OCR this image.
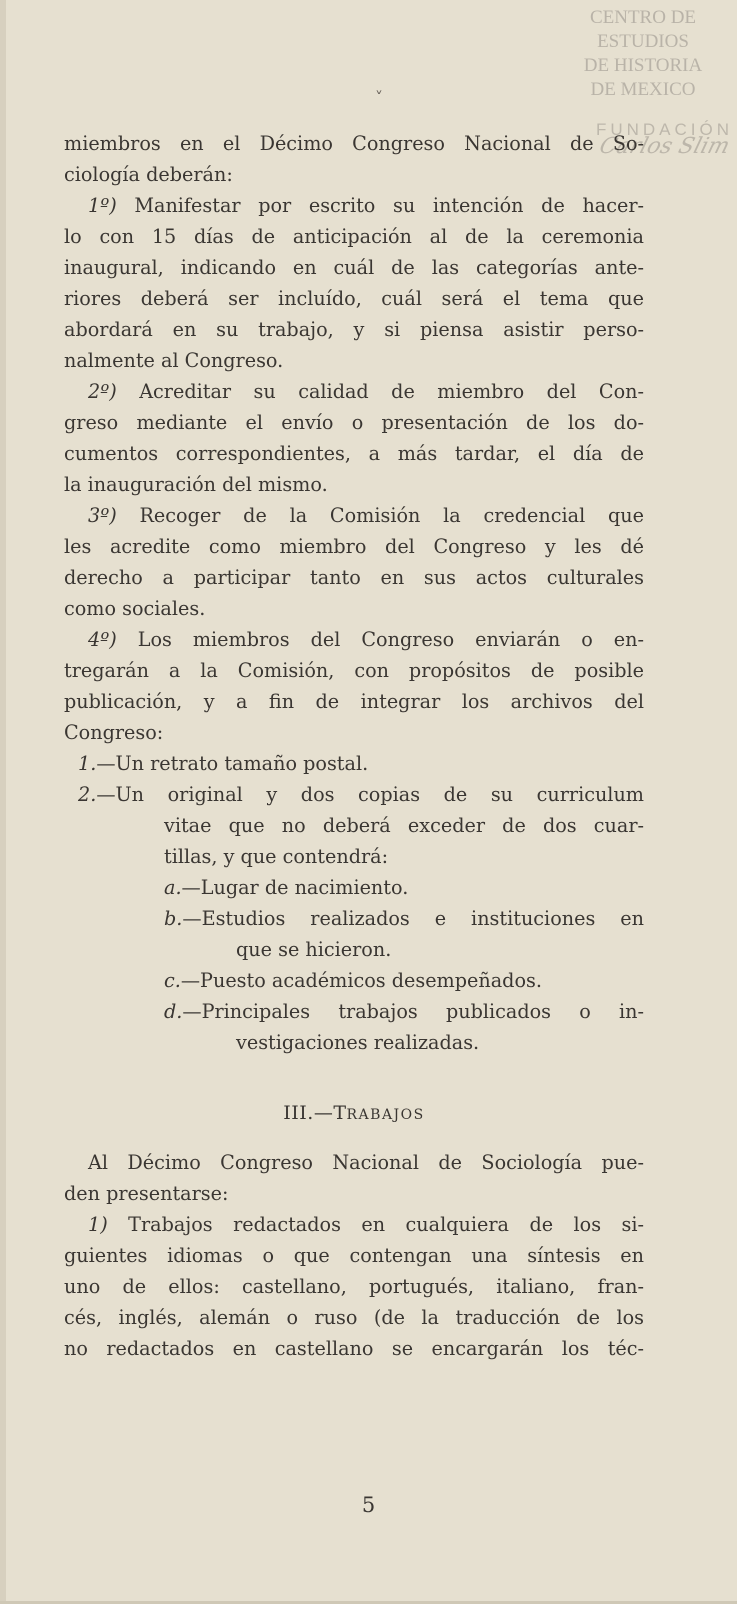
CENTRO DE
ESTUDIOS
DE HISTORIA
DE MEXICO
FUNDACIÓN
Carlos Slim
˅
miembros en el Décimo Congreso Nacional de So-
ciología deberán:
1º) Manifestar por escrito su intención de hacer-
lo con 15 días de anticipación al de la ceremonia
inaugural, indicando en cuál de las categorías ante-
riores deberá ser incluído, cuál será el tema que
abordará en su trabajo, y si piensa asistir perso-
nalmente al Congreso.
2º) Acreditar su calidad de miembro del Con-
greso mediante el envío o presentación de los do-
cumentos correspondientes, a más tardar, el día de
la inauguración del mismo.
3º) Recoger de la Comisión la credencial que
les acredite como miembro del Congreso y les dé
derecho a participar tanto en sus actos culturales
como sociales.
4º) Los miembros del Congreso enviarán o en-
tregarán a la Comisión, con propósitos de posible
publicación, y a fin de integrar los archivos del
Congreso:
1.—Un retrato tamaño postal.
2.—Un original y dos copias de su curriculum
vitae que no deberá exceder de dos cuar-
tillas, y que contendrá:
a.—Lugar de nacimiento.
b.—Estudios realizados e instituciones en
que se hicieron.
c.—Puesto académicos desempeñados.
d.—Principales trabajos publicados o in-
vestigaciones realizadas.
III.—TRABAJOS
Al Décimo Congreso Nacional de Sociología pue-
den presentarse:
1) Trabajos redactados en cualquiera de los si-
guientes idiomas o que contengan una síntesis en
uno de ellos: castellano, portugués, italiano, fran-
cés, inglés, alemán o ruso (de la traducción de los
no redactados en castellano se encargarán los téc-
5
